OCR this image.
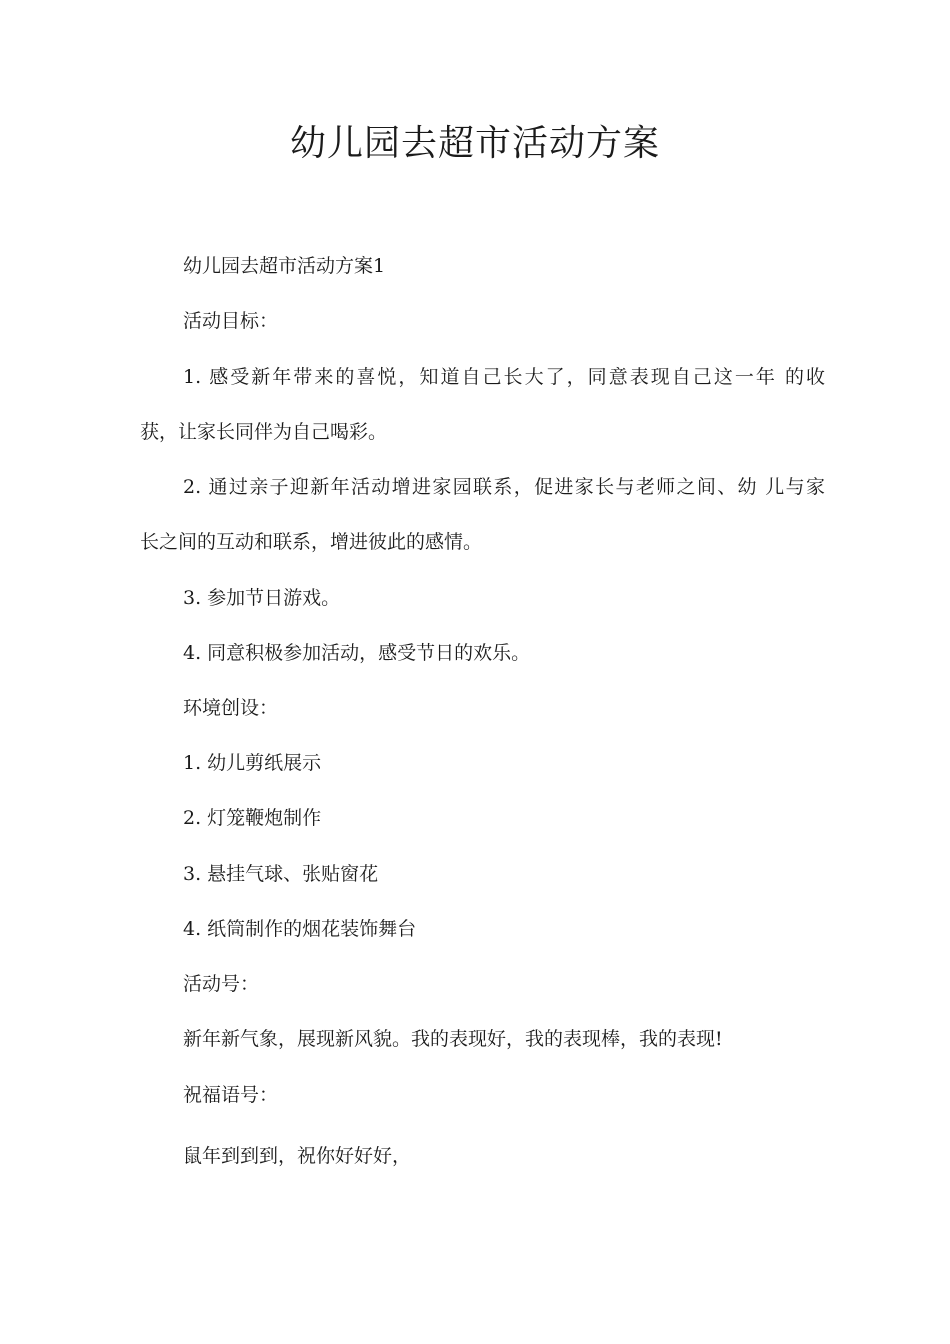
幼儿园去超市活动方案

幼儿园去超市活动方案1

活动目标：

1. 感受新年带来的喜悦，知道自己长大了，同意表现自己这一年 的收

获，让家长同伴为自己喝彩。

2. 通过亲子迎新年活动增进家园联系，促进家长与老师之间、幼 儿与家

长之间的互动和联系，增进彼此的感情。

3. 参加节日游戏。

4. 同意积极参加活动，感受节日的欢乐。

环境创设：

1. 幼儿剪纸展示

2. 灯笼鞭炮制作

3. 悬挂气球、张贴窗花

4. 纸筒制作的烟花装饰舞台

活动号：

新年新气象，展现新风貌。我的表现好，我的表现棒，我的表现!

祝福语号：

鼠年到到到，祝你好好好，
